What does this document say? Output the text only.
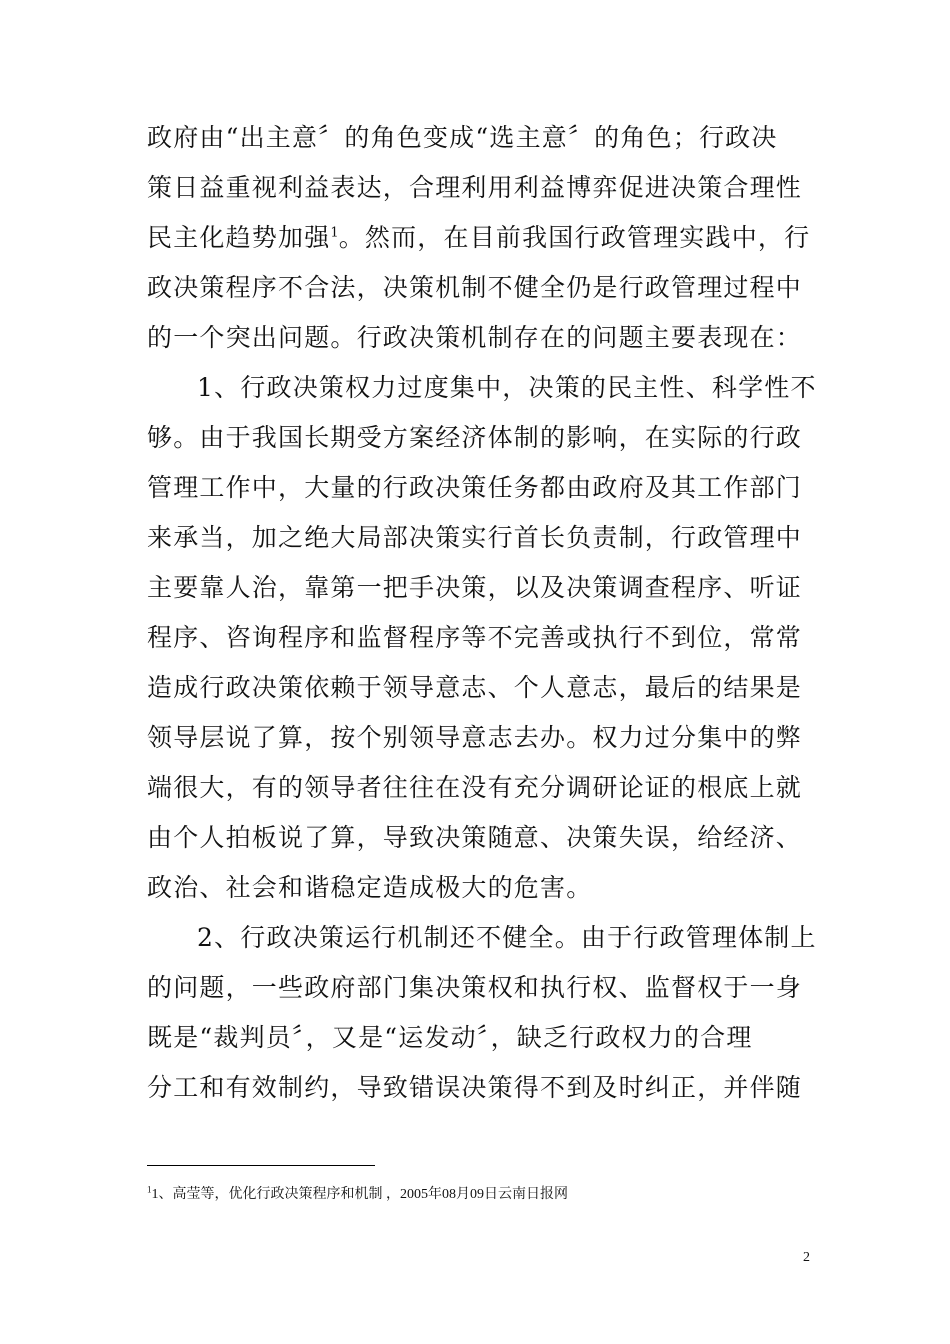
政府由“出主意〞的角色变成“选主意〞的角色；行政决
策日益重视利益表达，合理利用利益博弈促进决策合理性
民主化趋势加强$^1$。然而，在目前我国行政管理实践中，行
政决策程序不合法，决策机制不健全仍是行政管理过程中
的一个突出问题。行政决策机制存在的问题主要表现在：
1、行政决策权力过度集中，决策的民主性、科学性不
够。由于我国长期受方案经济体制的影响，在实际的行政
管理工作中，大量的行政决策任务都由政府及其工作部门
来承当，加之绝大局部决策实行首长负责制，行政管理中
主要靠人治，靠第一把手决策，以及决策调查程序、听证
程序、咨询程序和监督程序等不完善或执行不到位，常常
造成行政决策依赖于领导意志、个人意志，最后的结果是
领导层说了算，按个别领导意志去办。权力过分集中的弊
端很大，有的领导者往往在没有充分调研论证的根底上就
由个人拍板说了算，导致决策随意、决策失误，给经济、
政治、社会和谐稳定造成极大的危害。
2、行政决策运行机制还不健全。由于行政管理体制上
的问题，一些政府部门集决策权和执行权、监督权于一身
既是“裁判员〞，又是“运发动〞，缺乏行政权力的合理
分工和有效制约，导致错误决策得不到及时纠正，并伴随
$^1$1、高莹等，优化行政决策程序和机制 ，2005年08月09日云南日报网
2
